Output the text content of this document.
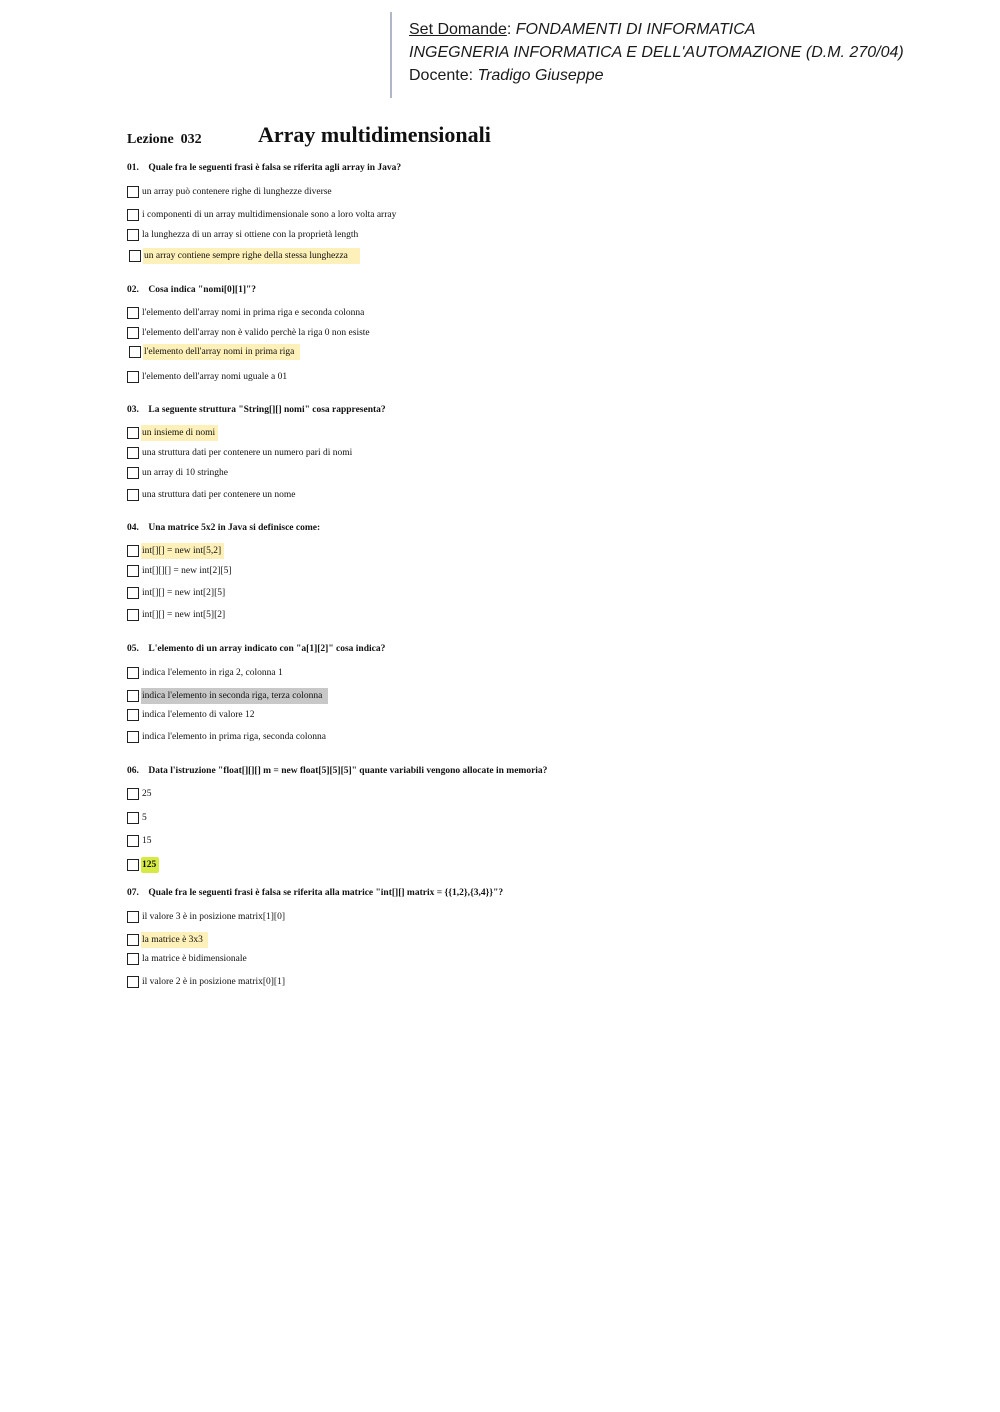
Set Domande: FONDAMENTI DI INFORMATICA
INGEGNERIA INFORMATICA E DELL'AUTOMAZIONE (D.M. 270/04)
Docente: Tradigo Giuseppe
Lezione  032	Array multidimensionali
01.    Quale fra le seguenti frasi è falsa se riferita agli array in Java?
un array può contenere righe di lunghezze diverse
i componenti di un array multidimensionale sono a loro volta array
la lunghezza di un array si ottiene con la proprietà length
un array contiene sempre righe della stessa lunghezza
02.    Cosa indica "nomi[0][1]"?
l'elemento dell'array nomi in prima riga e seconda colonna
l'elemento dell'array non è valido perchè la riga 0 non esiste
l'elemento dell'array nomi in prima riga
l'elemento dell'array nomi uguale a 01
03.    La seguente struttura "String[][] nomi" cosa rappresenta?
un insieme di nomi
una struttura dati per contenere un numero pari di nomi
un array di 10 stringhe
una struttura dati per contenere un nome
04.    Una matrice 5x2 in Java si definisce come:
int[][] = new int[5,2]
int[][][] = new int[2][5]
int[][] = new int[2][5]
int[][] = new int[5][2]
05.    L'elemento di un array indicato con "a[1][2]" cosa indica?
indica l'elemento in riga 2, colonna 1
indica l'elemento in seconda riga, terza colonna
indica l'elemento di valore 12
indica l'elemento in prima riga, seconda colonna
06.    Data l'istruzione "float[][][] m = new float[5][5][5]" quante variabili vengono allocate in memoria?
25
5
15
125
07.    Quale fra le seguenti frasi è falsa se riferita alla matrice "int[][] matrix = {{1,2},{3,4}}"?
il valore 3 è in posizione matrix[1][0]
la matrice è 3x3
la matrice è bidimensionale
il valore 2 è in posizione matrix[0][1]
